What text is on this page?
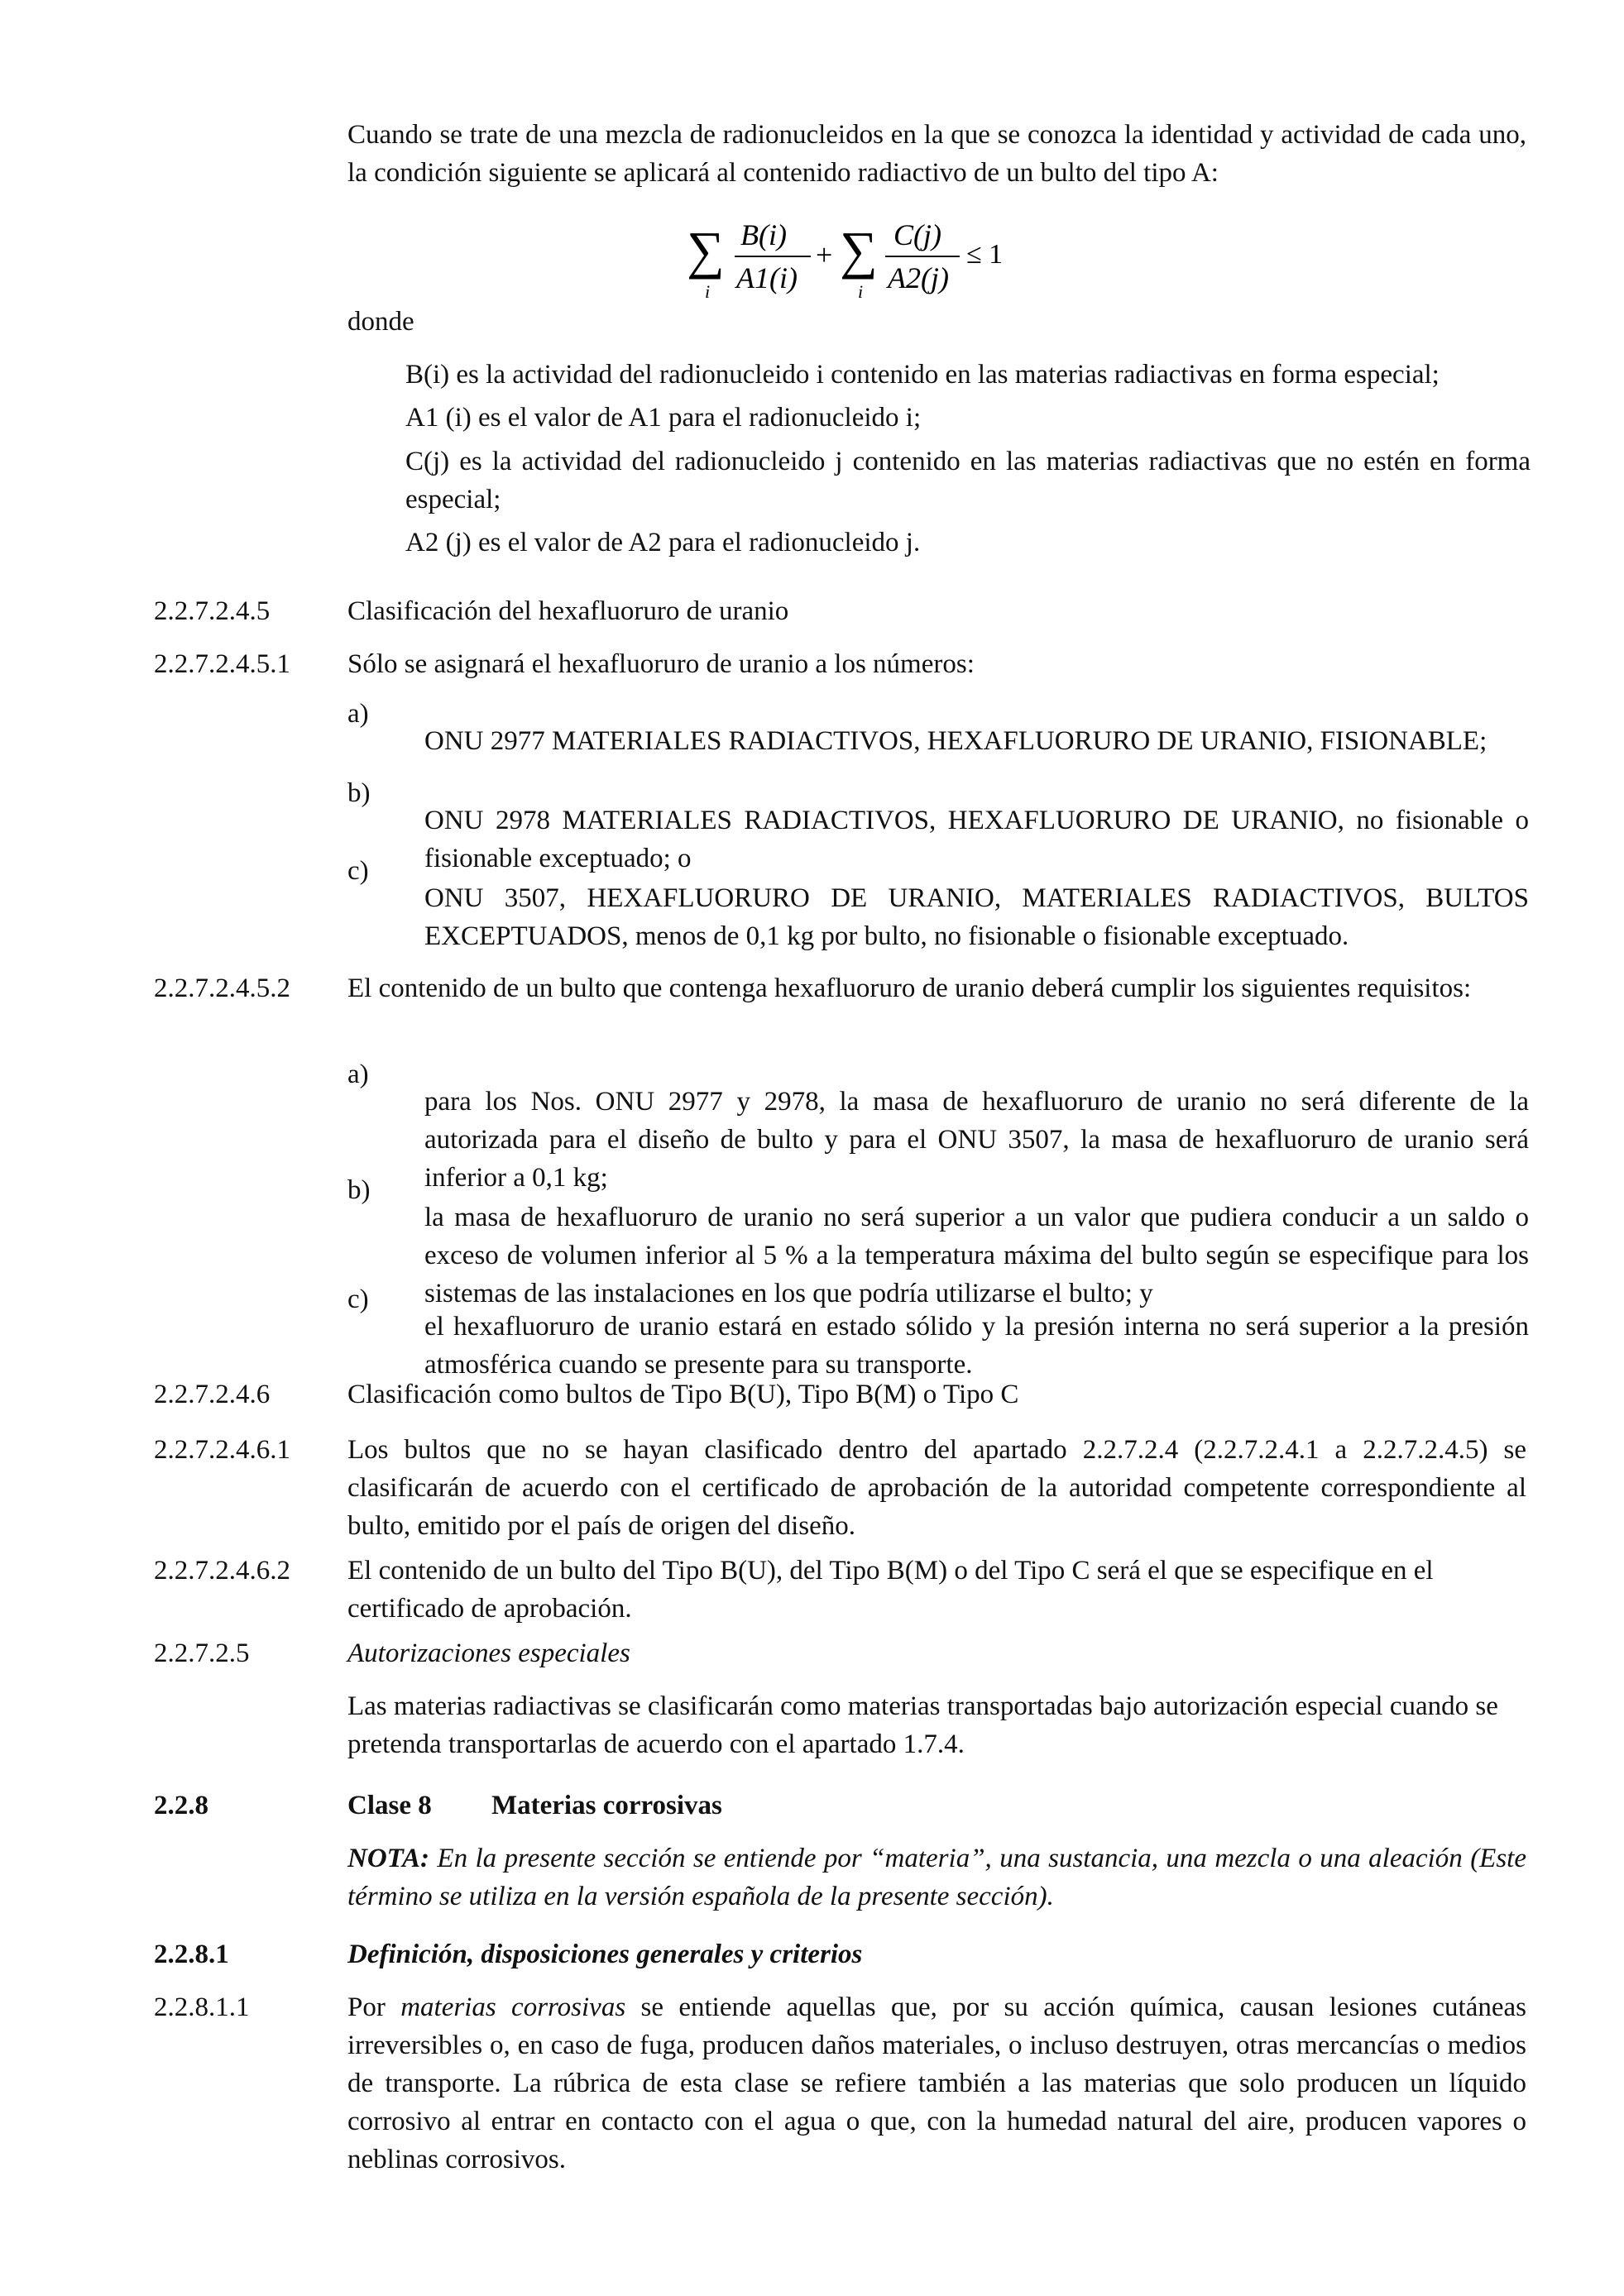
Cuando se trate de una mezcla de radionucleidos en la que se conozca la identidad y actividad de cada uno, la condición siguiente se aplicará al contenido radiactivo de un bulto del tipo A:

∑
i
B(i)
A1(i)
+ ∑
i
C(j)
A2(j)
≤ 1

donde

B(i) es la actividad del radionucleido i contenido en las materias radiactivas en forma especial;

A1 (i) es el valor de A1 para el radionucleido i;

C(j) es la actividad del radionucleido j contenido en las materias radiactivas que no estén en forma especial;

A2 (j) es el valor de A2 para el radionucleido j.

2.2.7.2.4.5	Clasificación del hexafluoruro de uranio

2.2.7.2.4.5.1 Sólo se asignará el hexafluoruro de uranio a los números:

a)

ONU 2977 MATERIALES RADIACTIVOS, HEXAFLUORURO DE URANIO, FISIONABLE;

b)

ONU 2978 MATERIALES RADIACTIVOS, HEXAFLUORURO DE URANIO, no fisionable o fisionable exceptuado; o

c)

ONU 3507, HEXAFLUORURO DE URANIO, MATERIALES RADIACTIVOS, BULTOS EXCEPTUADOS, menos de 0,1 kg por bulto, no fisionable o fisionable exceptuado.

2.2.7.2.4.5.2 El contenido de un bulto que contenga hexafluoruro de uranio deberá cumplir los siguientes requisitos:

a)

para los Nos. ONU 2977 y 2978, la masa de hexafluoruro de uranio no será diferente de la autorizada para el diseño de bulto y para el ONU 3507, la masa de hexafluoruro de uranio será inferior a 0,1 kg;

b)

la masa de hexafluoruro de uranio no será superior a un valor que pudiera conducir a un saldo o exceso de volumen inferior al 5 % a la temperatura máxima del bulto según se especifique para los sistemas de las instalaciones en los que podría utilizarse el bulto; y

c)

el hexafluoruro de uranio estará en estado sólido y la presión interna no será superior a la presión atmosférica cuando se presente para su transporte.

2.2.7.2.4.6	Clasificación como bultos de Tipo B(U), Tipo B(M) o Tipo C

2.2.7.2.4.6.1 Los bultos que no se hayan clasificado dentro del apartado 2.2.7.2.4 (2.2.7.2.4.1 a 2.2.7.2.4.5) se clasificarán de acuerdo con el certificado de aprobación de la autoridad competente correspondiente al bulto, emitido por el país de origen del diseño.

2.2.7.2.4.6.2 El contenido de un bulto del Tipo B(U), del Tipo B(M) o del Tipo C será el que se especifique en el certificado de aprobación.

2.2.7.2.5	Autorizaciones especiales

Las materias radiactivas se clasificarán como materias transportadas bajo autorización especial cuando se pretenda transportarlas de acuerdo con el apartado 1.7.4.

2.2.8	Clase 8 Materias corrosivas

NOTA: En la presente sección se entiende por “materia”, una sustancia, una mezcla o una aleación (Este término se utiliza en la versión española de la presente sección).

2.2.8.1	Definición, disposiciones generales y criterios

2.2.8.1.1	Por materias corrosivas se entiende aquellas que, por su acción química, causan lesiones cutáneas irreversibles o, en caso de fuga, producen daños materiales, o incluso destruyen, otras mercancías o medios de transporte. La rúbrica de esta clase se refiere también a las materias que solo producen un líquido corrosivo al entrar en contacto con el agua o que, con la humedad natural del aire, producen vapores o neblinas corrosivos.
